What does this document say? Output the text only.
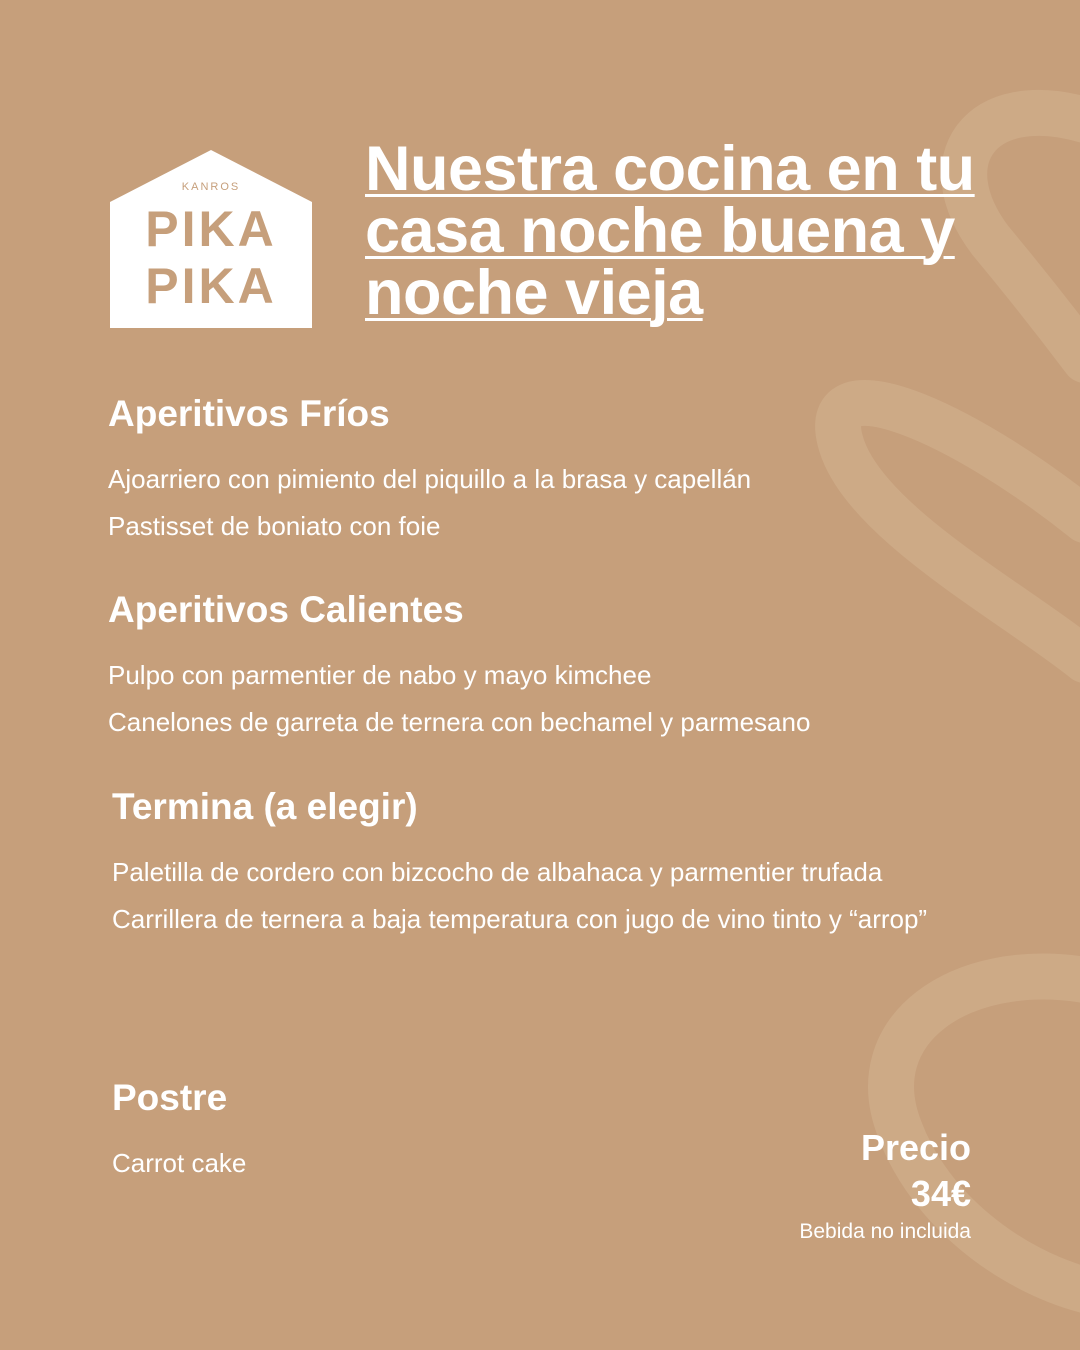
KANROS
PIKA
PIKA
Nuestra cocina en tu casa noche buena y noche vieja
Aperitivos Fríos
Ajoarriero con pimiento del piquillo a la brasa y capellán
Pastisset de boniato con foie
Aperitivos Calientes
Pulpo con parmentier de nabo y mayo kimchee
Canelones de garreta de ternera con bechamel y parmesano
Termina (a elegir)
Paletilla de cordero con bizcocho de albahaca y parmentier trufada
Carrillera de ternera a baja temperatura con jugo de vino tinto y “arrop”
Postre
Carrot cake	Precio
34€
Bebida no incluida
